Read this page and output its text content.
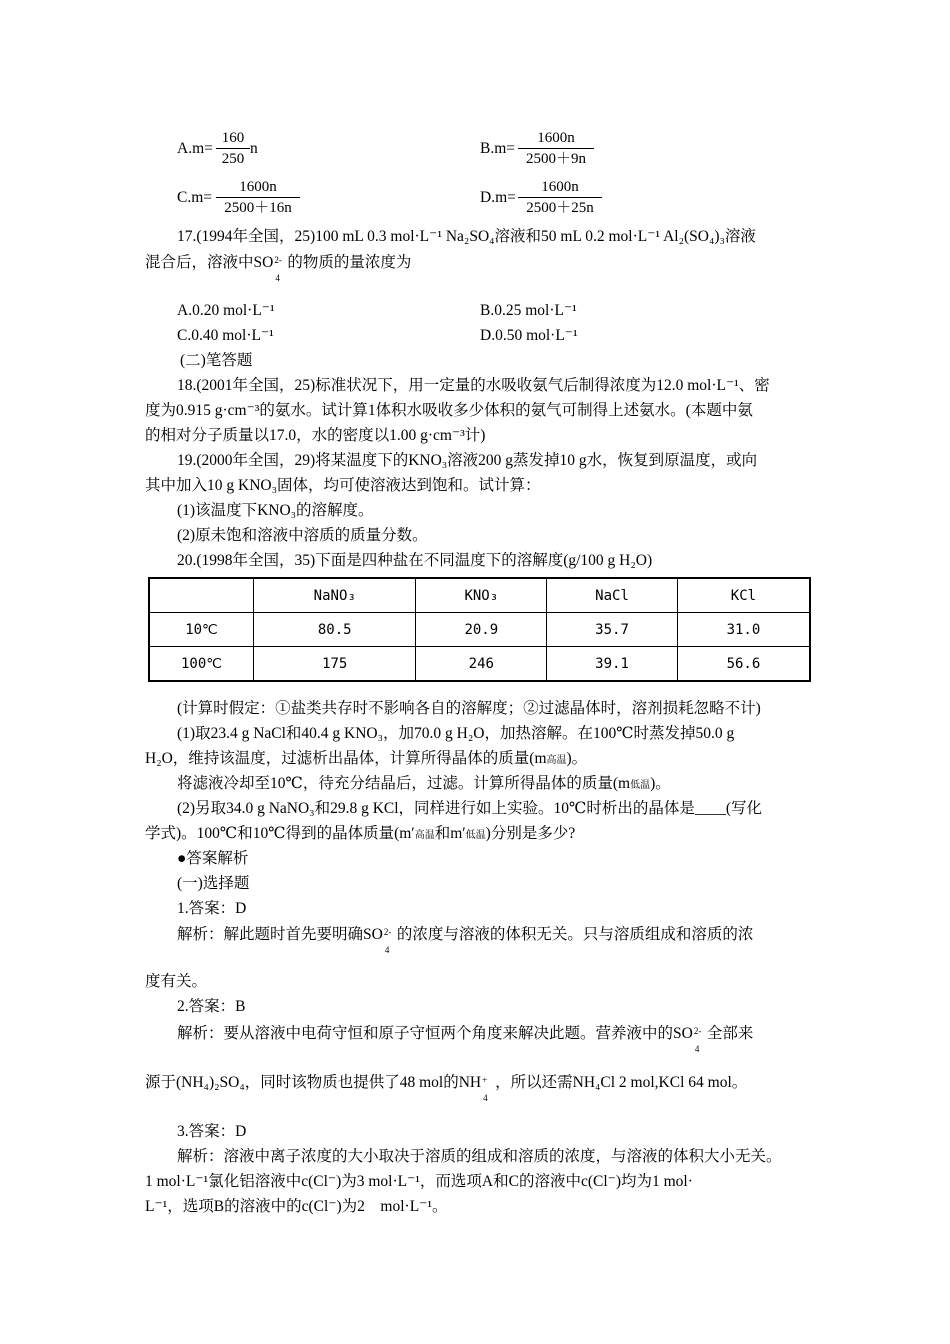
A.m=
160
250
n	B.m=
1600n
2500＋9n
C.m=
1600n
2500＋16n
D.m=
1600n
2500＋25n
17.(1994年全国，25)100 mL 0.3 mol·L⁻¹ Na₂SO₄溶液和50 mL 0.2 mol·L⁻¹ Al₂(SO₄)₃溶液
混合后，溶液中SO 2-
4
的物质的量浓度为
A.0.20 mol·L⁻¹	B.0.25 mol·L⁻¹
C.0.40 mol·L⁻¹	D.0.50 mol·L⁻¹
(二)笔答题
18.(2001年全国，25)标准状况下，用一定量的水吸收氨气后制得浓度为12.0 mol·L⁻¹、密
度为0.915 g·cm⁻³的氨水。试计算1体积水吸收多少体积的氨气可制得上述氨水。(本题中氨
的相对分子质量以17.0，水的密度以1.00 g·cm⁻³计)
19.(2000年全国，29)将某温度下的KNO₃溶液200 g蒸发掉10 g水，恢复到原温度，或向
其中加入10 g KNO₃固体，均可使溶液达到饱和。试计算：
(1)该温度下KNO₃的溶解度。
(2)原未饱和溶液中溶质的质量分数。
20.(1998年全国，35)下面是四种盐在不同温度下的溶解度(g/100 g H₂O)
	NaNO₃	KNO₃	NaCl	KCl
10℃	80.5	20.9	35.7	31.0
100℃	175	246	39.1	56.6
(计算时假定：①盐类共存时不影响各自的溶解度；②过滤晶体时，溶剂损耗忽略不计)
(1)取23.4 g NaCl和40.4 g KNO₃，加70.0 g H₂O，加热溶解。在100℃时蒸发掉50.0 g
H₂O，维持该温度，过滤析出晶体，计算所得晶体的质量(m高温)。
将滤液冷却至10℃，待充分结晶后，过滤。计算所得晶体的质量(m低温)。
(2)另取34.0 g NaNO₃和29.8 g KCl，同样进行如上实验。10℃时析出的晶体是____(写化
学式)。100℃和10℃得到的晶体质量(m′高温和m′低温)分别是多少?
●答案解析
(一)选择题
1.答案：D
解析：解此题时首先要明确SO 2-
4
的浓度与溶液的体积无关。只与溶质组成和溶质的浓
度有关。
2.答案：B
解析：要从溶液中电荷守恒和原子守恒两个角度来解决此题。营养液中的SO 2-
4
全部来
源于(NH₄)₂SO₄，同时该物质也提供了48 mol的NH +
4
，所以还需NH₄Cl 2 mol,KCl 64 mol。
3.答案：D
解析：溶液中离子浓度的大小取决于溶质的组成和溶质的浓度，与溶液的体积大小无关。
1 mol·L⁻¹氯化铝溶液中c(Cl⁻)为3 mol·L⁻¹，而选项A和C的溶液中c(Cl⁻)均为1 mol·
L⁻¹，选项B的溶液中的c(Cl⁻)为2　mol·L⁻¹。
